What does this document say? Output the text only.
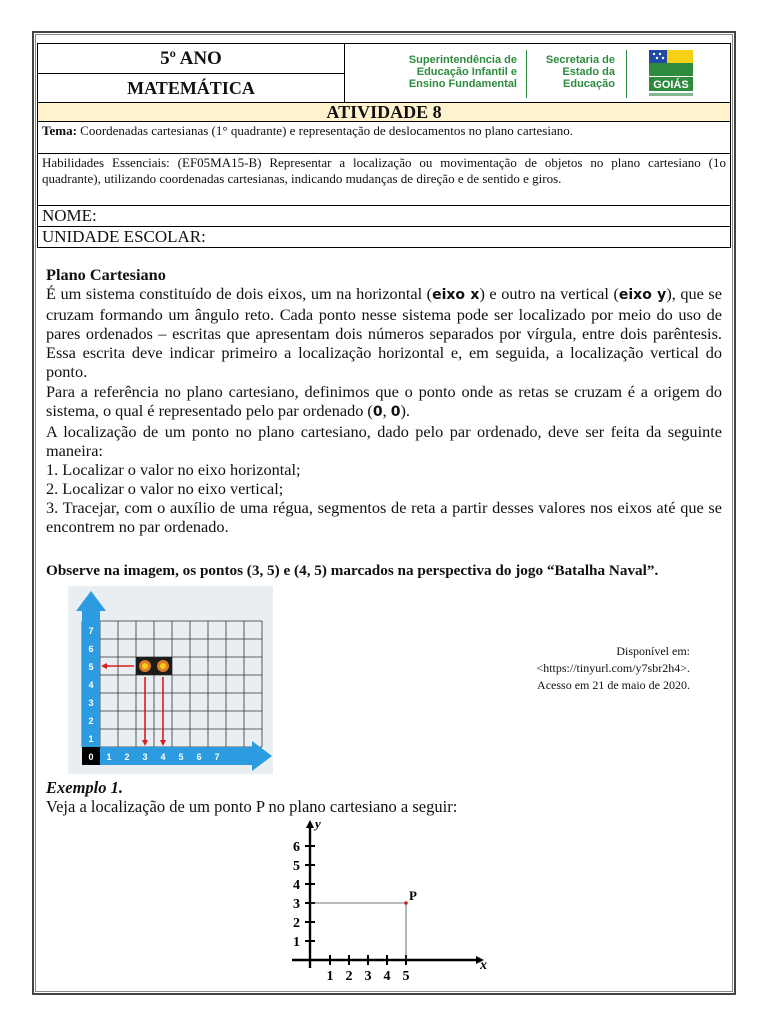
5º ANO
MATEMÁTICA
Superintendência de
Educação Infantil e
Ensino Fundamental
Secretaria de
Estado da
Educação	GOIÁS
ATIVIDADE 8
Tema: Coordenadas cartesianas (1° quadrante) e representação de deslocamentos no plano cartesiano.
Habilidades Essenciais: (EF05MA15-B) Representar a localização ou movimentação de objetos no plano cartesiano (1o quadrante), utilizando coordenadas cartesianas, indicando mudanças de direção e de sentido e giros.
NOME:
UNIDADE ESCOLAR:

Plano Cartesiano

É um sistema constituído de dois eixos, um na horizontal (eixo x) e outro na vertical (eixo y), que se cruzam formando um ângulo reto. Cada ponto nesse sistema pode ser localizado por meio do uso de pares ordenados – escritas que apresentam dois números separados por vírgula, entre dois parêntesis. Essa escrita deve indicar primeiro a localização horizontal e, em seguida, a localização vertical do ponto.

Para a referência no plano cartesiano, definimos que o ponto onde as retas se cruzam é a origem do sistema, o qual é representado pelo par ordenado (0, 0).

A localização de um ponto no plano cartesiano, dado pelo par ordenado, deve ser feita da seguinte maneira:

1. Localizar o valor no eixo horizontal;

2. Localizar o valor no eixo vertical;

3. Tracejar, com o auxílio de uma régua, segmentos de reta a partir desses valores nos eixos até que se encontrem no par ordenado.

Observe na imagem, os pontos (3, 5) e (4, 5) marcados na perspectiva do jogo “Batalha Naval”.
0 1 2 3 4 5 6 7
1
2
3
4
5
6
7
Disponível em:
<https://tinyurl.com/y7sbr2h4>.
Acesso em 21 de maio de 2020.
Exemplo 1.
Veja a localização de um ponto P no plano cartesiano a seguir:
x
y
1 2 3 4 5
1
2
3
4
5
6
P
